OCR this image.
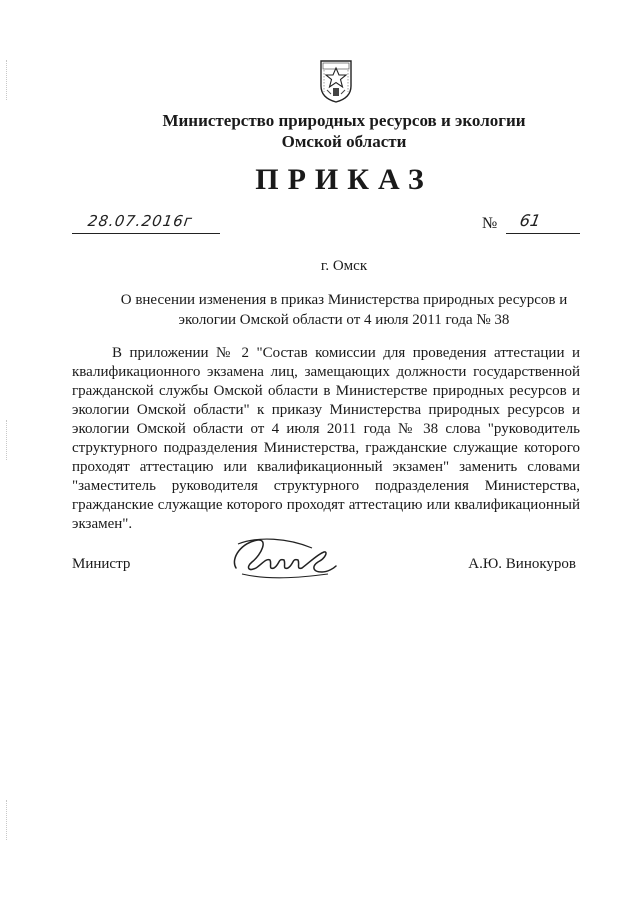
Министерство природных ресурсов и экологии
Омской области
ПРИКАЗ
28.07.2016г	№ 61
г. Омск
О внесении изменения в приказ Министерства природных ресурсов и экологии Омской области от 4 июля 2011 года № 38
В приложении № 2 "Состав комиссии для проведения аттестации и квалификационного экзамена лиц, замещающих должности государственной гражданской службы Омской области в Министерстве природных ресурсов и экологии Омской области" к приказу Министерства природных ресурсов и экологии Омской области от 4 июля 2011 года № 38 слова "руководитель структурного подразделения Министерства, гражданские служащие которого проходят аттестацию или квалификационный экзамен" заменить словами "заместитель руководителя структурного подразделения Министерства, гражданские служащие которого проходят аттестацию или квалификационный экзамен".
Министр	А.Ю. Винокуров
